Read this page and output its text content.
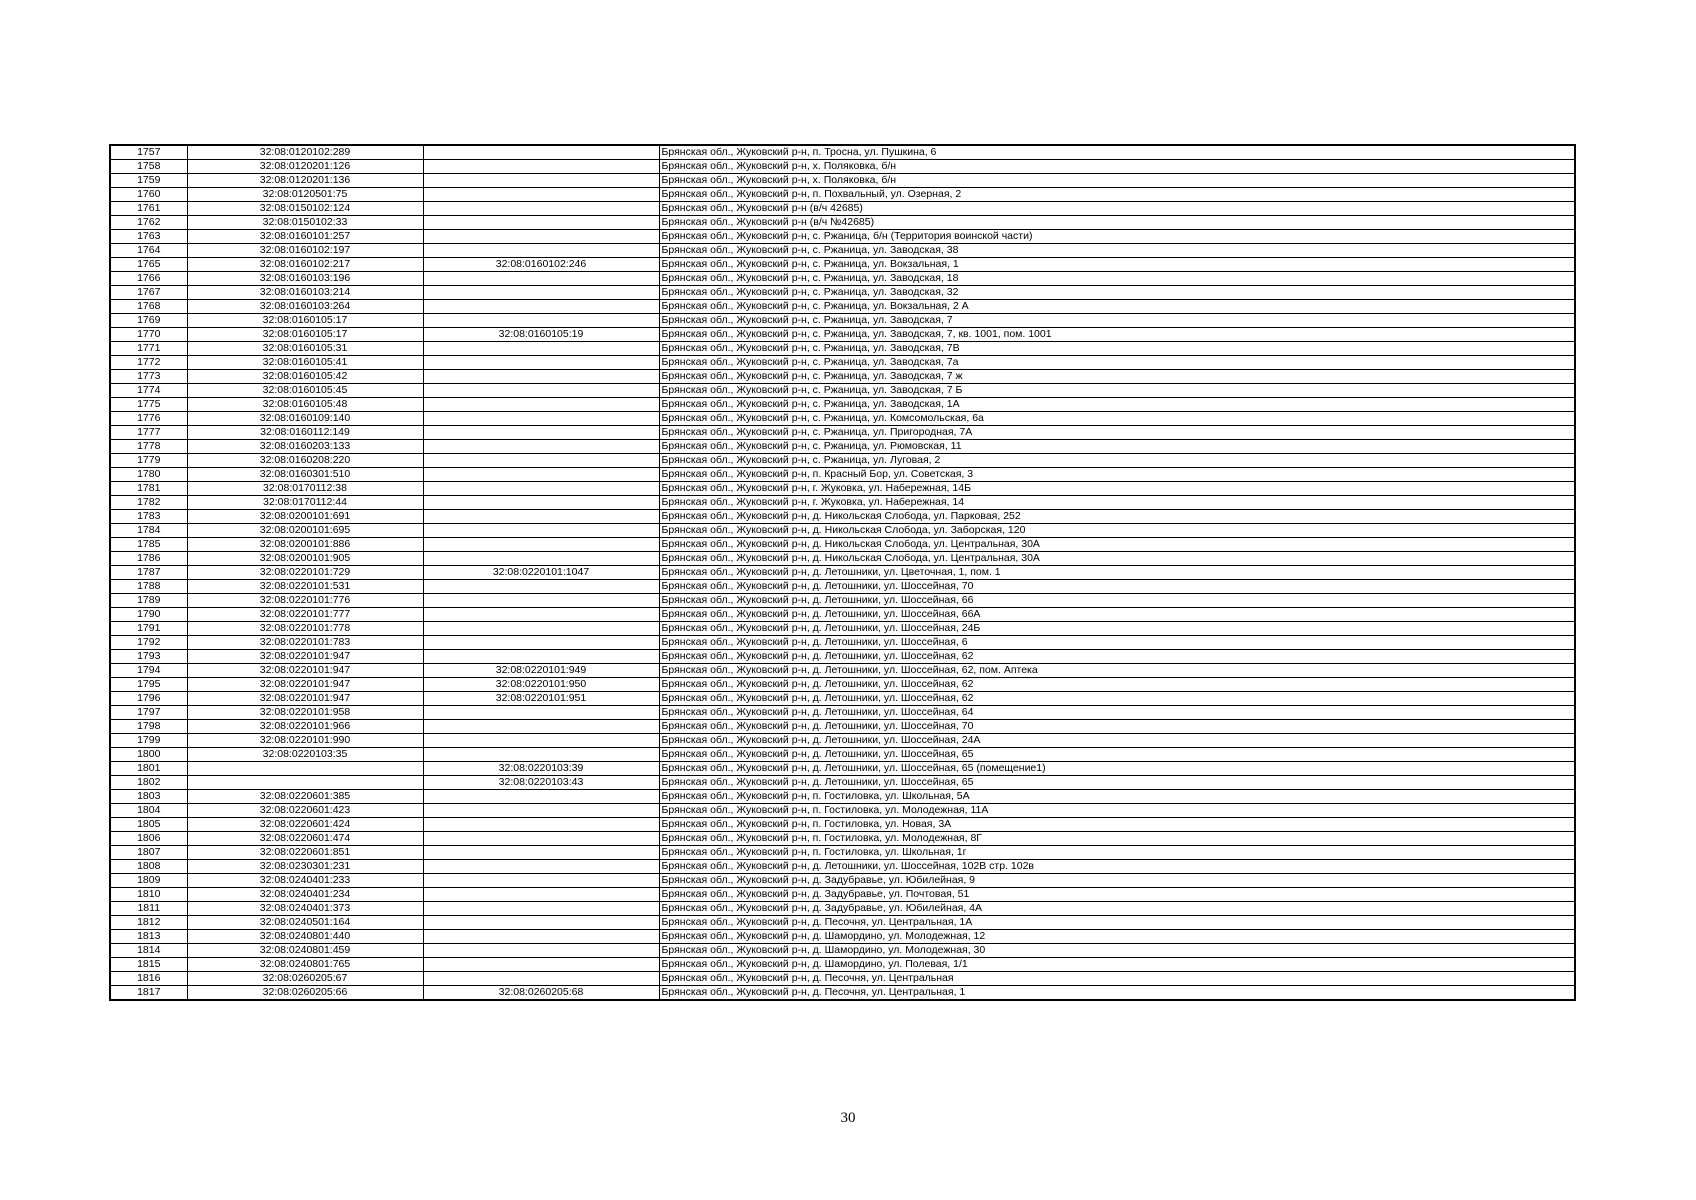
1757	32:08:0120102:289		Брянская обл., Жуковский р-н, п. Тросна, ул. Пушкина, 6
1758	32:08:0120201:126		Брянская обл., Жуковский р-н, х. Поляковка, б/н
1759	32:08:0120201:136		Брянская обл., Жуковский р-н, х. Поляковка, б/н
1760	32:08:0120501:75		Брянская обл., Жуковский р-н, п. Похвальный, ул. Озерная, 2
1761	32:08:0150102:124		Брянская обл., Жуковский р-н (в/ч 42685)
1762	32:08:0150102:33		Брянская обл., Жуковский р-н (в/ч №42685)
1763	32:08:0160101:257		Брянская обл., Жуковский р-н, с. Ржаница, б/н (Территория воинской части)
1764	32:08:0160102:197		Брянская обл., Жуковский р-н, с. Ржаница, ул. Заводская, 38
1765	32:08:0160102:217	32:08:0160102:246	Брянская обл., Жуковский р-н, с. Ржаница, ул. Вокзальная, 1
1766	32:08:0160103:196		Брянская обл., Жуковский р-н, с. Ржаница, ул. Заводская, 18
1767	32:08:0160103:214		Брянская обл., Жуковский р-н, с. Ржаница, ул. Заводская, 32
1768	32:08:0160103:264		Брянская обл., Жуковский р-н, с. Ржаница, ул. Вокзальная, 2 А
1769	32:08:0160105:17		Брянская обл., Жуковский р-н, с. Ржаница, ул. Заводская, 7
1770	32:08:0160105:17	32:08:0160105:19	Брянская обл., Жуковский р-н, с. Ржаница, ул. Заводская, 7, кв. 1001, пом. 1001
1771	32:08:0160105:31		Брянская обл., Жуковский р-н, с. Ржаница, ул. Заводская, 7В
1772	32:08:0160105:41		Брянская обл., Жуковский р-н, с. Ржаница, ул. Заводская, 7а
1773	32:08:0160105:42		Брянская обл., Жуковский р-н, с. Ржаница, ул. Заводская, 7 ж
1774	32:08:0160105:45		Брянская обл., Жуковский р-н, с. Ржаница, ул. Заводская, 7 Б
1775	32:08:0160105:48		Брянская обл., Жуковский р-н, с. Ржаница, ул. Заводская, 1А
1776	32:08:0160109:140		Брянская обл., Жуковский р-н, с. Ржаница, ул. Комсомольская, 6а
1777	32:08:0160112:149		Брянская обл., Жуковский р-н, с. Ржаница, ул. Пригородная, 7А
1778	32:08:0160203:133		Брянская обл., Жуковский р-н, с. Ржаница, ул. Рюмовская, 11
1779	32:08:0160208:220		Брянская обл., Жуковский р-н, с. Ржаница, ул. Луговая, 2
1780	32:08:0160301:510		Брянская обл., Жуковский р-н, п. Красный Бор, ул. Советская, 3
1781	32:08:0170112:38		Брянская обл., Жуковский р-н, г. Жуковка, ул. Набережная, 14Б
1782	32:08:0170112:44		Брянская обл., Жуковский р-н, г. Жуковка, ул. Набережная, 14
1783	32:08:0200101:691		Брянская обл., Жуковский р-н, д. Никольская Слобода, ул. Парковая, 252
1784	32:08:0200101:695		Брянская обл., Жуковский р-н, д. Никольская Слобода, ул. Заборская, 120
1785	32:08:0200101:886		Брянская обл., Жуковский р-н, д. Никольская Слобода, ул. Центральная, 30А
1786	32:08:0200101:905		Брянская обл., Жуковский р-н, д. Никольская Слобода, ул. Центральная, 30А
1787	32:08:0220101:729	32:08:0220101:1047	Брянская обл., Жуковский р-н, д. Летошники, ул. Цветочная, 1, пом. 1
1788	32:08:0220101:531		Брянская обл., Жуковский р-н, д. Летошники, ул. Шоссейная, 70
1789	32:08:0220101:776		Брянская обл., Жуковский р-н, д. Летошники, ул. Шоссейная, 66
1790	32:08:0220101:777		Брянская обл., Жуковский р-н, д. Летошники, ул. Шоссейная, 66А
1791	32:08:0220101:778		Брянская обл., Жуковский р-н, д. Летошники, ул. Шоссейная, 24Б
1792	32:08:0220101:783		Брянская обл., Жуковский р-н, д. Летошники, ул. Шоссейная, 6
1793	32:08:0220101:947		Брянская обл., Жуковский р-н, д. Летошники, ул. Шоссейная, 62
1794	32:08:0220101:947	32:08:0220101:949	Брянская обл., Жуковский р-н, д. Летошники, ул. Шоссейная, 62, пом. Аптека
1795	32:08:0220101:947	32:08:0220101:950	Брянская обл., Жуковский р-н, д. Летошники, ул. Шоссейная, 62
1796	32:08:0220101:947	32:08:0220101:951	Брянская обл., Жуковский р-н, д. Летошники, ул. Шоссейная, 62
1797	32:08:0220101:958		Брянская обл., Жуковский р-н, д. Летошники, ул. Шоссейная, 64
1798	32:08:0220101:966		Брянская обл., Жуковский р-н, д. Летошники, ул. Шоссейная, 70
1799	32:08:0220101:990		Брянская обл., Жуковский р-н, д. Летошники, ул. Шоссейная, 24А
1800	32:08:0220103:35		Брянская обл., Жуковский р-н, д. Летошники, ул. Шоссейная, 65
1801		32:08:0220103:39	Брянская обл., Жуковский р-н, д. Летошники, ул. Шоссейная, 65 (помещение1)
1802		32:08:0220103:43	Брянская обл., Жуковский р-н, д. Летошники, ул. Шоссейная, 65
1803	32:08:0220601:385		Брянская обл., Жуковский р-н, п. Гостиловка, ул. Школьная, 5А
1804	32:08:0220601:423		Брянская обл., Жуковский р-н, п. Гостиловка, ул. Молодежная, 11А
1805	32:08:0220601:424		Брянская обл., Жуковский р-н, п. Гостиловка, ул. Новая, 3А
1806	32:08:0220601:474		Брянская обл., Жуковский р-н, п. Гостиловка, ул. Молодежная, 8Г
1807	32:08:0220601:851		Брянская обл., Жуковский р-н, п. Гостиловка, ул. Школьная, 1г
1808	32:08:0230301:231		Брянская обл., Жуковский р-н, д. Летошники, ул. Шоссейная, 102В стр. 102в
1809	32:08:0240401:233		Брянская обл., Жуковский р-н, д. Задубравье, ул. Юбилейная, 9
1810	32:08:0240401:234		Брянская обл., Жуковский р-н, д. Задубравье, ул. Почтовая, 51
1811	32:08:0240401:373		Брянская обл., Жуковский р-н, д. Задубравье, ул. Юбилейная, 4А
1812	32:08:0240501:164		Брянская обл., Жуковский р-н, д. Песочня, ул. Центральная, 1А
1813	32:08:0240801:440		Брянская обл., Жуковский р-н, д. Шамордино, ул. Молодежная, 12
1814	32:08:0240801:459		Брянская обл., Жуковский р-н, д. Шамордино, ул. Молодежная, 30
1815	32:08:0240801:765		Брянская обл., Жуковский р-н, д. Шамордино, ул. Полевая, 1/1
1816	32:08:0260205:67		Брянская обл., Жуковский р-н, д. Песочня, ул. Центральная
1817	32:08:0260205:66	32:08:0260205:68	Брянская обл., Жуковский р-н, д. Песочня, ул. Центральная, 1
30
